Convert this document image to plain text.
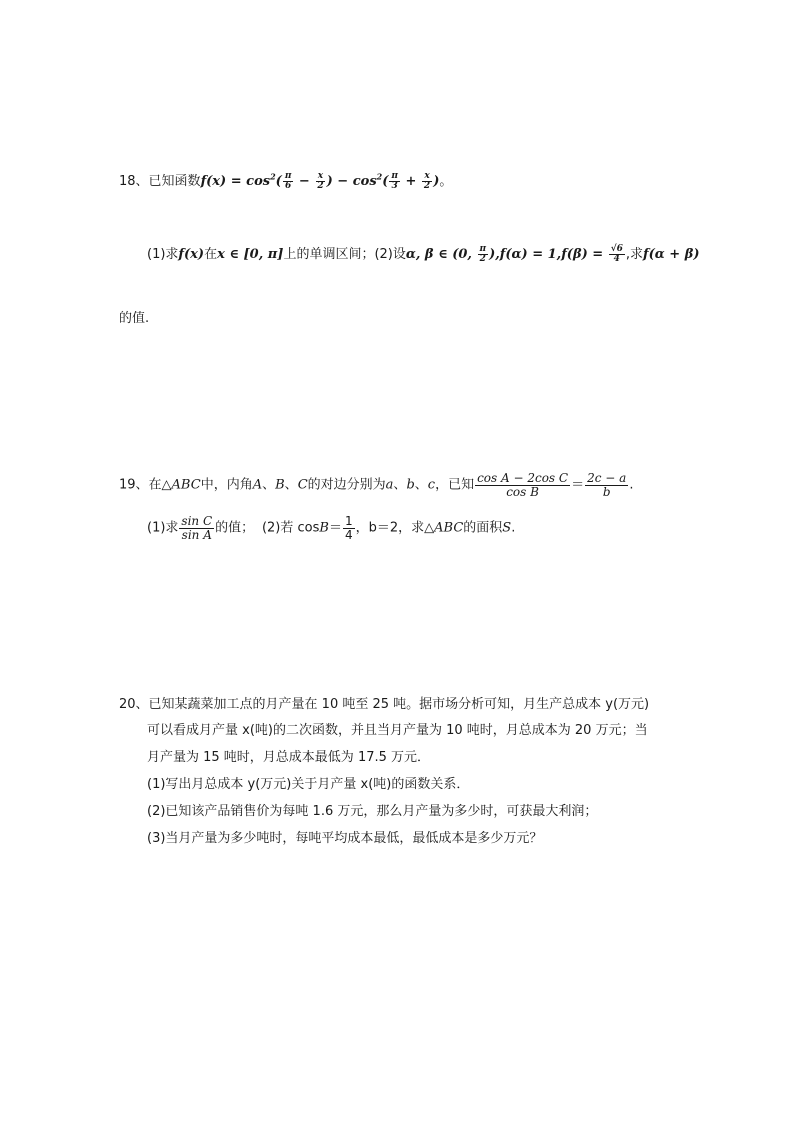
18、已知函数$f(x) = \cos^2( \frac{\pi}{6} - \frac{x}{2}$ ) − $\cos^2( \frac{\pi}{3} + \frac{x}{2}$ )。
(1)求f(x)在x ∈ [0, π]上的单调区间；(2)设α, β ∈ (0, $\frac{\pi}{2} ),f(\alpha) = 1,f(\beta) = \frac{√6}{4}$ ,求f(α + β)
的值.
19、在△ABC中，内角A、B、C的对边分别为a、b、c，已知 $\frac{\text{cos A − 2cos C}}{\text{cos B}} = \frac{2c - a}{b}$ .
(1)求 $\frac{\text{sin C}}{\text{sin A}}$ 的值； (2)若 $\cos B= \frac{1}{4}$ ，b＝2，求△ABC的面积S.
20、已知某蔬菜加工点的月产量在 10 吨至 25 吨。据市场分析可知，月生产总成本 y(万元)
可以看成月产量 x(吨)的二次函数，并且当月产量为 10 吨时，月总成本为 20 万元；当
月产量为 15 吨时，月总成本最低为 17.5 万元．
(1)写出月总成本 y(万元)关于月产量 x(吨)的函数关系．
(2)已知该产品销售价为每吨 1.6 万元，那么月产量为多少时，可获最大利润；
(3)当月产量为多少吨时，每吨平均成本最低，最低成本是多少万元？
